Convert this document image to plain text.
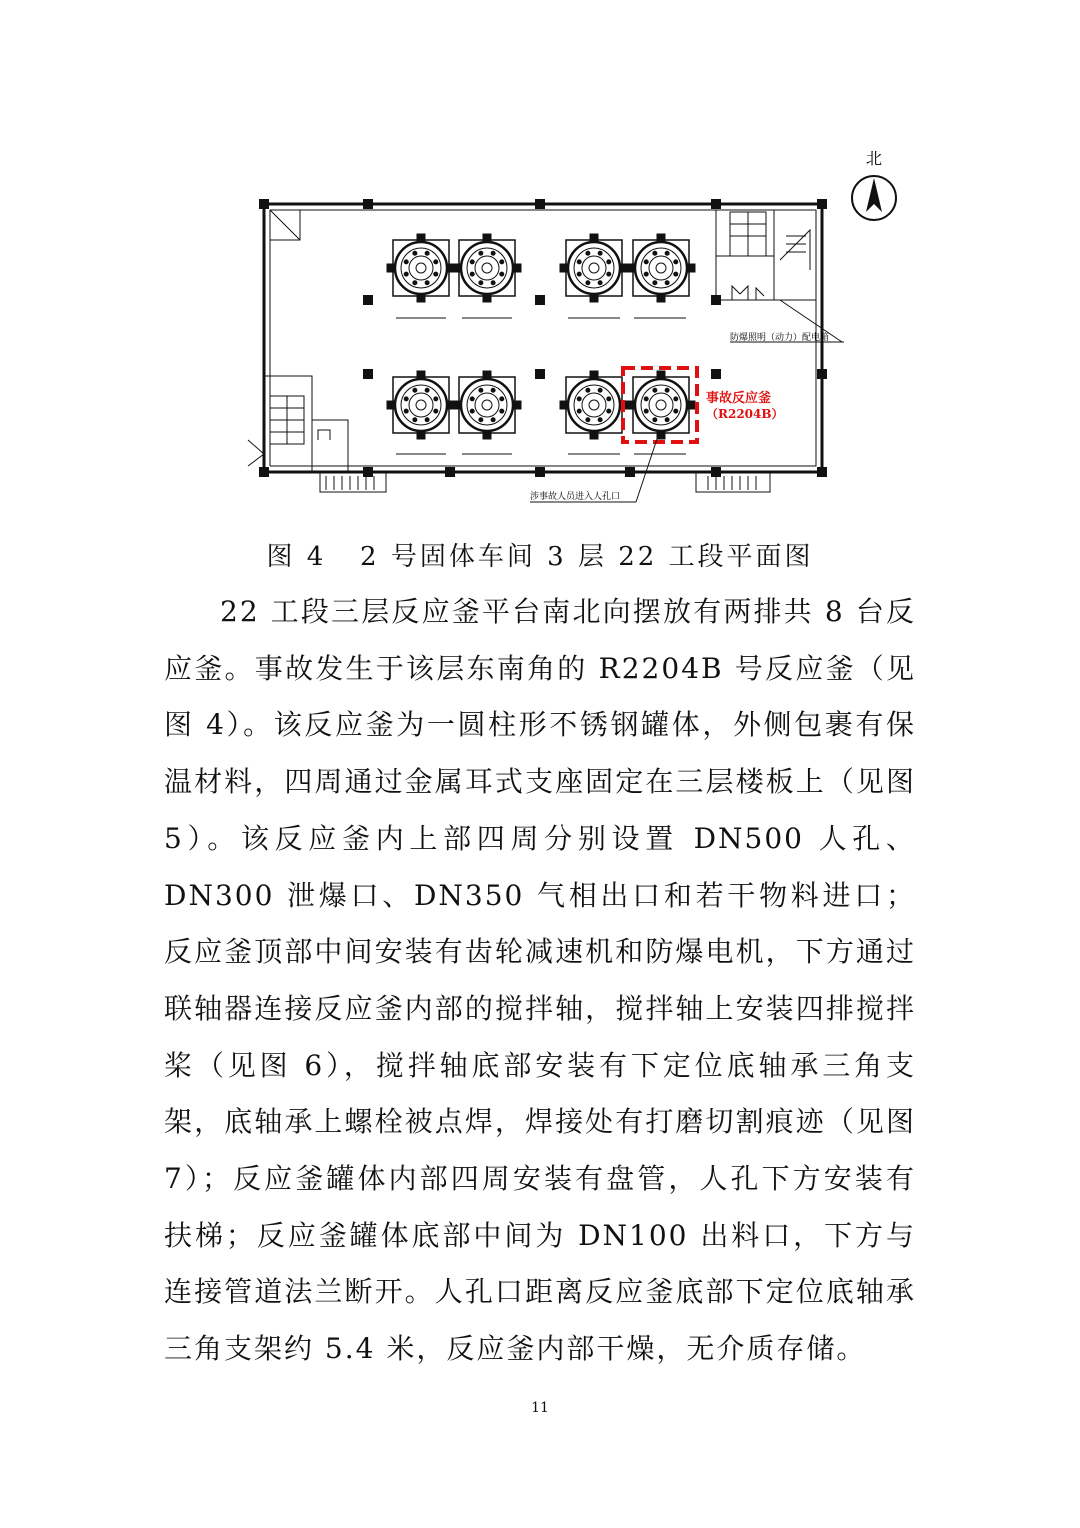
北
事故反应釜
（R2204B）
防爆照明（动力）配电箱
涉事故人员进入人孔口
图 4 2 号固体车间 3 层 22 工段平面图

22 工段三层反应釜平台南北向摆放有两排共 8 台反应釜。事故发生于该层东南角的 R2204B 号反应釜（见图 4）。该反应釜为一圆柱形不锈钢罐体，外侧包裹有保温材料，四周通过金属耳式支座固定在三层楼板上（见图 5）。该反应釜内上部四周分别设置 DN500 人孔、DN300 泄爆口、DN350 气相出口和若干物料进口；反应釜顶部中间安装有齿轮减速机和防爆电机，下方通过联轴器连接反应釜内部的搅拌轴，搅拌轴上安装四排搅拌桨（见图 6），搅拌轴底部安装有下定位底轴承三角支架，底轴承上螺栓被点焊，焊接处有打磨切割痕迹（见图 7）；反应釜罐体内部四周安装有盘管，人孔下方安装有扶梯；反应釜罐体底部中间为 DN100 出料口，下方与连接管道法兰断开。人孔口距离反应釜底部下定位底轴承三角支架约 5.4 米，反应釜内部干燥，无介质存储。

11
